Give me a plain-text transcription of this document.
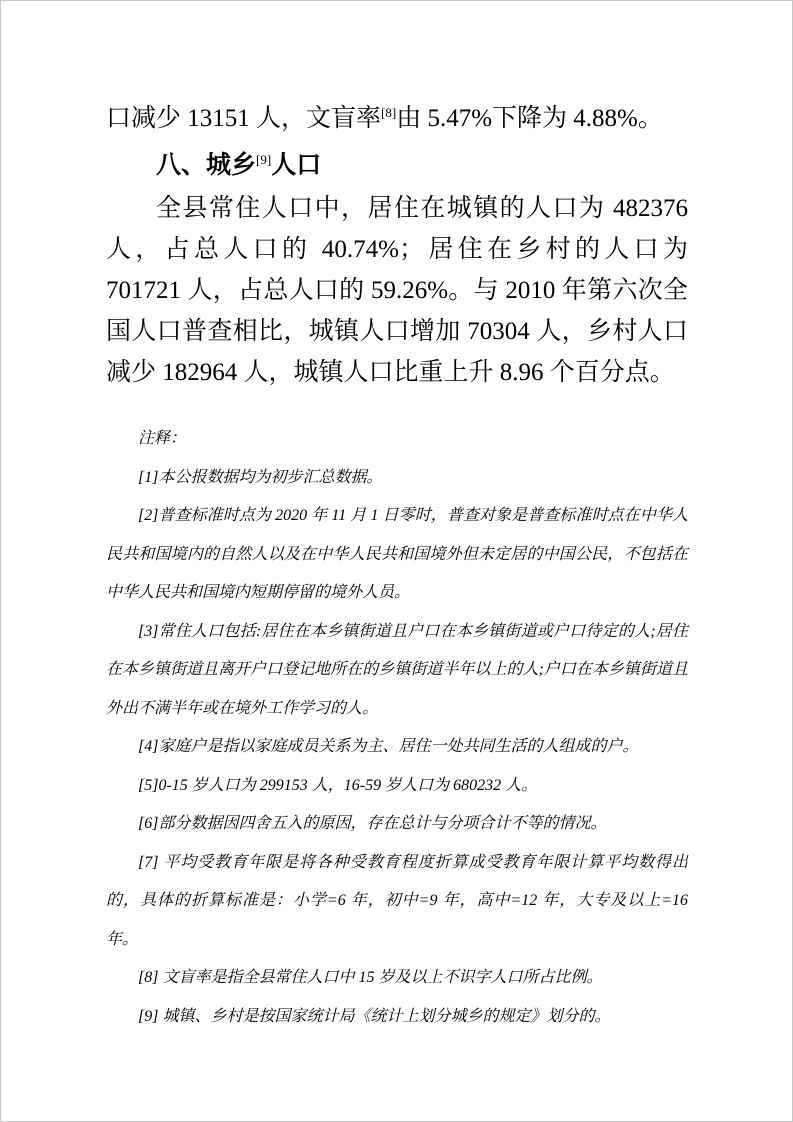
口减少 13151 人，文盲率[8]由 5.47%下降为 4.88%。

八、城乡[9]人口

全县常住人口中，居住在城镇的人口为 482376 人，占总人口的 40.74%；居住在乡村的人口为 701721 人，占总人口的 59.26%。与 2010 年第六次全国人口普查相比，城镇人口增加 70304 人，乡村人口减少 182964 人，城镇人口比重上升 8.96 个百分点。

注释：

[1]本公报数据均为初步汇总数据。

[2]普查标准时点为 2020 年 11 月 1 日零时，普查对象是普查标准时点在中华人民共和国境内的自然人以及在中华人民共和国境外但未定居的中国公民，不包括在中华人民共和国境内短期停留的境外人员。

[3]常住人口包括:居住在本乡镇街道且户口在本乡镇街道或户口待定的人;居住在本乡镇街道且离开户口登记地所在的乡镇街道半年以上的人;户口在本乡镇街道且外出不满半年或在境外工作学习的人。

[4]家庭户是指以家庭成员关系为主、居住一处共同生活的人组成的户。

[5]0-15 岁人口为 299153 人，16-59 岁人口为 680232 人。

[6]部分数据因四舍五入的原因，存在总计与分项合计不等的情况。

[7] 平均受教育年限是将各种受教育程度折算成受教育年限计算平均数得出的，具体的折算标准是：小学=6 年，初中=9 年，高中=12 年，大专及以上=16 年。

[8] 文盲率是指全县常住人口中 15 岁及以上不识字人口所占比例。

[9] 城镇、乡村是按国家统计局《统计上划分城乡的规定》划分的。
